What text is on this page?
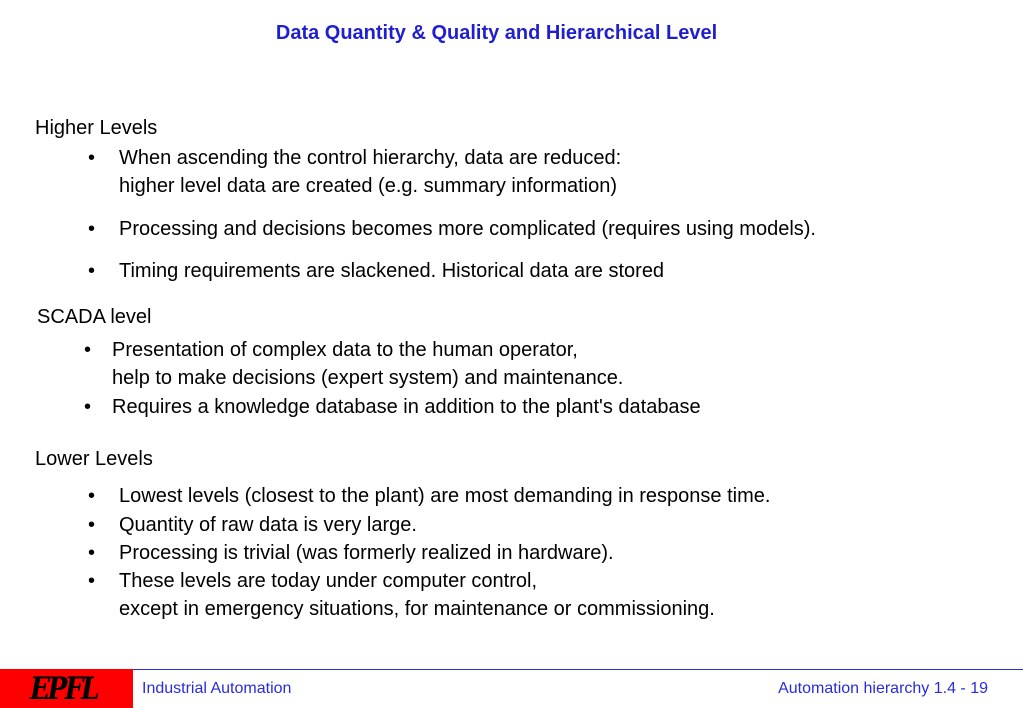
Data Quantity & Quality and Hierarchical Level
Higher Levels
• When ascending the control hierarchy, data are reduced:
higher level data are created (e.g. summary information)
• Processing and decisions becomes more complicated (requires using models).
• Timing requirements are slackened. Historical data are stored
SCADA level
• Presentation of complex data to the human operator,
help to make decisions (expert system) and maintenance.
• Requires a knowledge database in addition to the plant's database
Lower Levels
• Lowest levels (closest to the plant) are most demanding in response time.
• Quantity of raw data is very large.
• Processing is trivial (was formerly realized in hardware).
• These levels are today under computer control,
except in emergency situations, for maintenance or commissioning.
EPFL	Industrial Automation	Automation hierarchy 1.4 - 19
